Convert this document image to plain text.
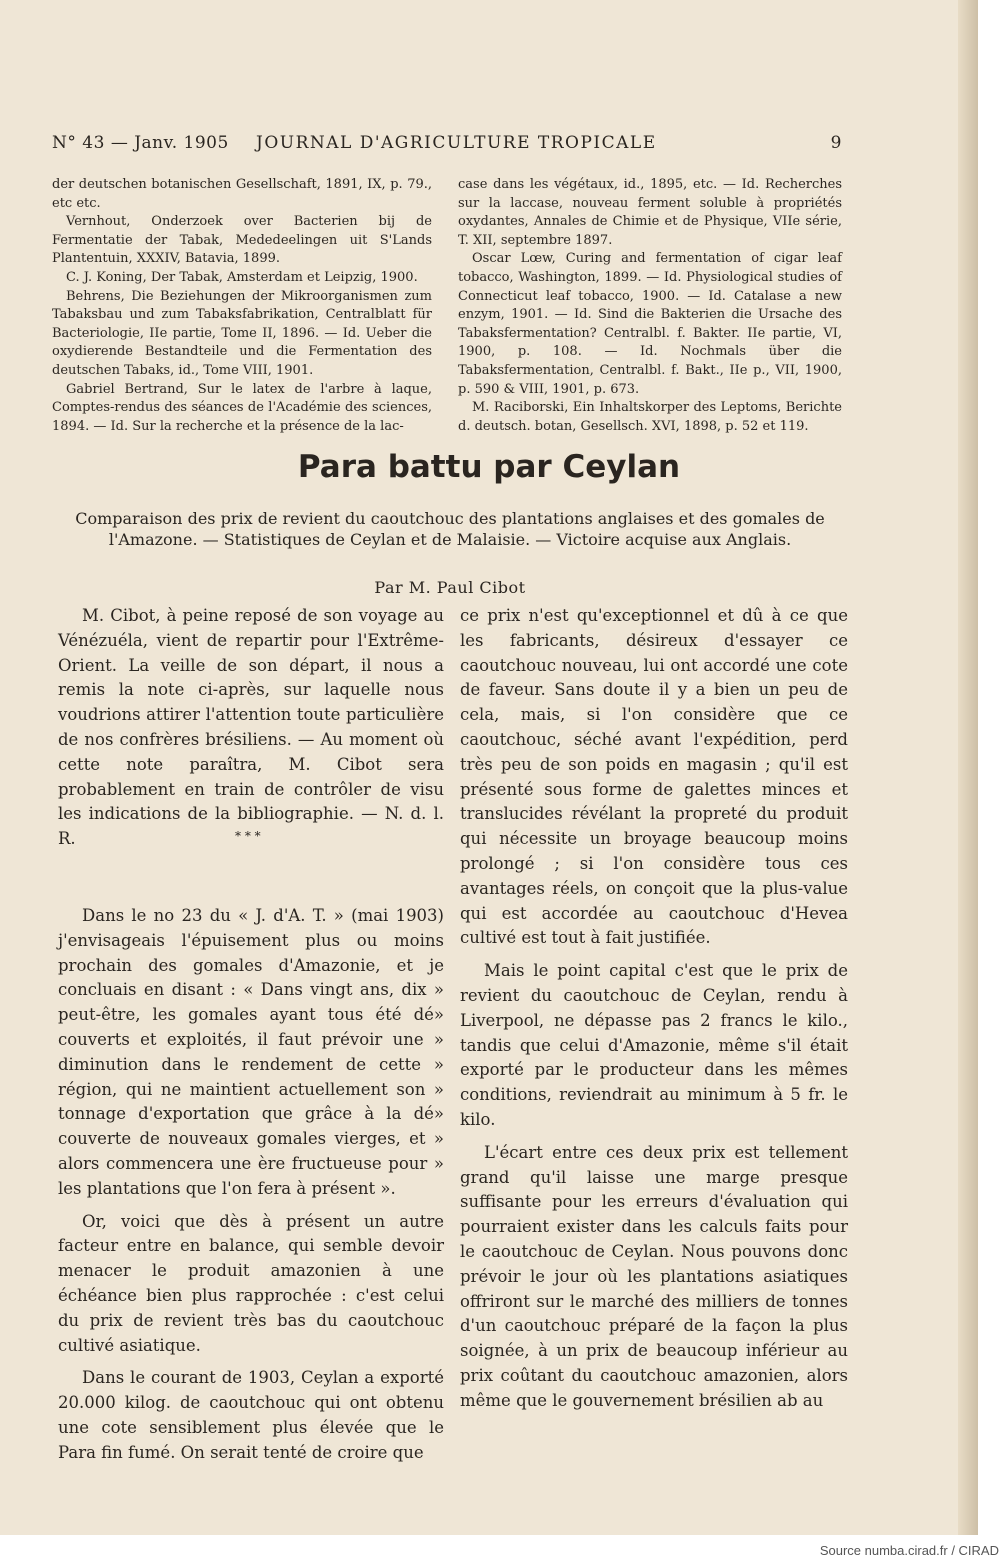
N° 43 — Janv. 1905 JOURNAL D'AGRICULTURE TROPICALE	9

der deutschen botanischen Gesellschaft, 1891, IX, p. 79., etc etc.

Vernhout, Onderzoek over Bacterien bij de Fermentatie der Tabak, Mededeelingen uit S'Lands Plantentuin, XXXIV, Batavia, 1899.

C. J. Koning, Der Tabak, Amsterdam et Leipzig, 1900.

Behrens, Die Beziehungen der Mikroorganismen zum Tabaksbau und zum Tabaksfabrikation, Centralblatt für Bacteriologie, IIe partie, Tome II, 1896. — Id. Ueber die oxydierende Bestandteile und die Fermentation des deutschen Tabaks, id., Tome VIII, 1901.

Gabriel Bertrand, Sur le latex de l'arbre à laque, Comptes-rendus des séances de l'Académie des sciences, 1894. — Id. Sur la recherche et la présence de la lac-

case dans les végétaux, id., 1895, etc. — Id. Recherches sur la laccase, nouveau ferment soluble à propriétés oxydantes, Annales de Chimie et de Physique, VIIe série, T. XII, septembre 1897.

Oscar Lœw, Curing and fermentation of cigar leaf tobacco, Washington, 1899. — Id. Physiological studies of Connecticut leaf tobacco, 1900. — Id. Catalase a new enzym, 1901. — Id. Sind die Bakterien die Ursache des Tabaksfermentation? Centralbl. f. Bakter. IIe partie, VI, 1900, p. 108. — Id. Nochmals über die Tabaksfermentation, Centralbl. f. Bakt., IIe p., VII, 1900, p. 590 & VIII, 1901, p. 673.

M. Raciborski, Ein Inhaltskorper des Leptoms, Berichte d. deutsch. botan, Gesellsch. XVI, 1898, p. 52 et 119.

Para battu par Ceylan
Comparaison des prix de revient du caoutchouc des plantations anglaises et des gomales de l'Amazone. — Statistiques de Ceylan et de Malaisie. — Victoire acquise aux Anglais.
Par M. Paul Cibot

M. Cibot, à peine reposé de son voyage au Vénézuéla, vient de repartir pour l'Extrême-Orient. La veille de son départ, il nous a remis la note ci-après, sur laquelle nous voudrions attirer l'attention toute particulière de nos confrères brésiliens. — Au moment où cette note paraîtra, M. Cibot sera probablement en train de contrôler de visu les indications de la bibliographie. — N. d. l. R.

Dans le no 23 du « J. d'A. T. » (mai 1903) j'envisageais l'épuisement plus ou moins prochain des gomales d'Amazonie, et je concluais en disant : « Dans vingt ans, dix » peut-être, les gomales ayant tous été dé» couverts et exploités, il faut prévoir une » diminution dans le rendement de cette » région, qui ne maintient actuellement son » tonnage d'exportation que grâce à la dé» couverte de nouveaux gomales vierges, et » alors commencera une ère fructueuse pour » les plantations que l'on fera à présent ».

Or, voici que dès à présent un autre facteur entre en balance, qui semble devoir menacer le produit amazonien à une échéance bien plus rapprochée : c'est celui du prix de revient très bas du caoutchouc cultivé asiatique.

Dans le courant de 1903, Ceylan a exporté 20.000 kilog. de caoutchouc qui ont obtenu une cote sensiblement plus élevée que le Para fin fumé. On serait tenté de croire que

* * *

ce prix n'est qu'exceptionnel et dû à ce que les fabricants, désireux d'essayer ce caoutchouc nouveau, lui ont accordé une cote de faveur. Sans doute il y a bien un peu de cela, mais, si l'on considère que ce caoutchouc, séché avant l'expédition, perd très peu de son poids en magasin ; qu'il est présenté sous forme de galettes minces et translucides révélant la propreté du produit qui nécessite un broyage beaucoup moins prolongé ; si l'on considère tous ces avantages réels, on conçoit que la plus-value qui est accordée au caoutchouc d'Hevea cultivé est tout à fait justifiée.

Mais le point capital c'est que le prix de revient du caoutchouc de Ceylan, rendu à Liverpool, ne dépasse pas 2 francs le kilo., tandis que celui d'Amazonie, même s'il était exporté par le producteur dans les mêmes conditions, reviendrait au minimum à 5 fr. le kilo.

L'écart entre ces deux prix est tellement grand qu'il laisse une marge presque suffisante pour les erreurs d'évaluation qui pourraient exister dans les calculs faits pour le caoutchouc de Ceylan. Nous pouvons donc prévoir le jour où les plantations asiatiques offriront sur le marché des milliers de tonnes d'un caoutchouc préparé de la façon la plus soignée, à un prix de beaucoup inférieur au prix coûtant du caoutchouc amazonien, alors même que le gouvernement brésilien ab au

Source numba.cirad.fr / CIRAD
